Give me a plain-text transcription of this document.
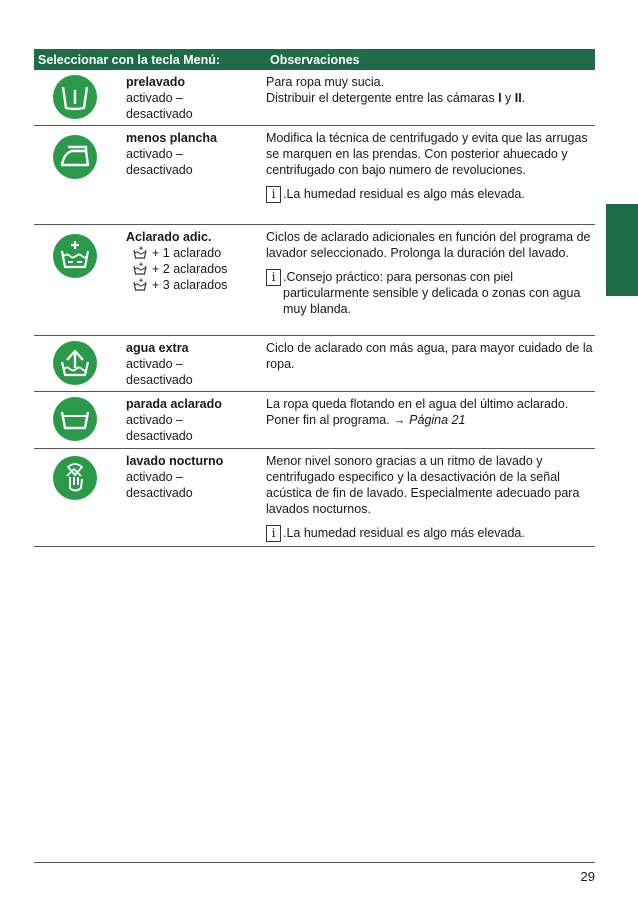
Seleccionar con la tecla Menú:	Observaciones
prelavado
activado – desactivado
Para ropa muy sucia.
Distribuir el detergente entre las cámaras I y II.
menos plancha
activado – desactivado
Modifica la técnica de centrifugado y evita que las arrugas se marquen en las prendas. Con posterior ahuecado y centrifugado con bajo numero de revoluciones.
i .La humedad residual es algo más elevada.
Aclarado adic.
+ 1 aclarado
+ 2 aclarados
+ 3 aclarados
Ciclos de aclarado adicionales en función del programa de lavador seleccionado. Prolonga la duración del lavado.
i .Consejo práctico: para personas con piel particularmente sensible y delicada o zonas con agua muy blanda.
agua extra
activado – desactivado
Ciclo de aclarado con más agua, para mayor cuidado de la ropa.
parada aclarado
activado – desactivado
La ropa queda flotando en el agua del último aclarado. Poner fin al programa. → Página 21
lavado nocturno
activado – desactivado
Menor nivel sonoro gracias a un ritmo de lavado y centrifugado especifico y la desactivación de la señal acústica de fin de lavado. Especialmente adecuado para lavados nocturnos.
i .La humedad residual es algo más elevada.
29
